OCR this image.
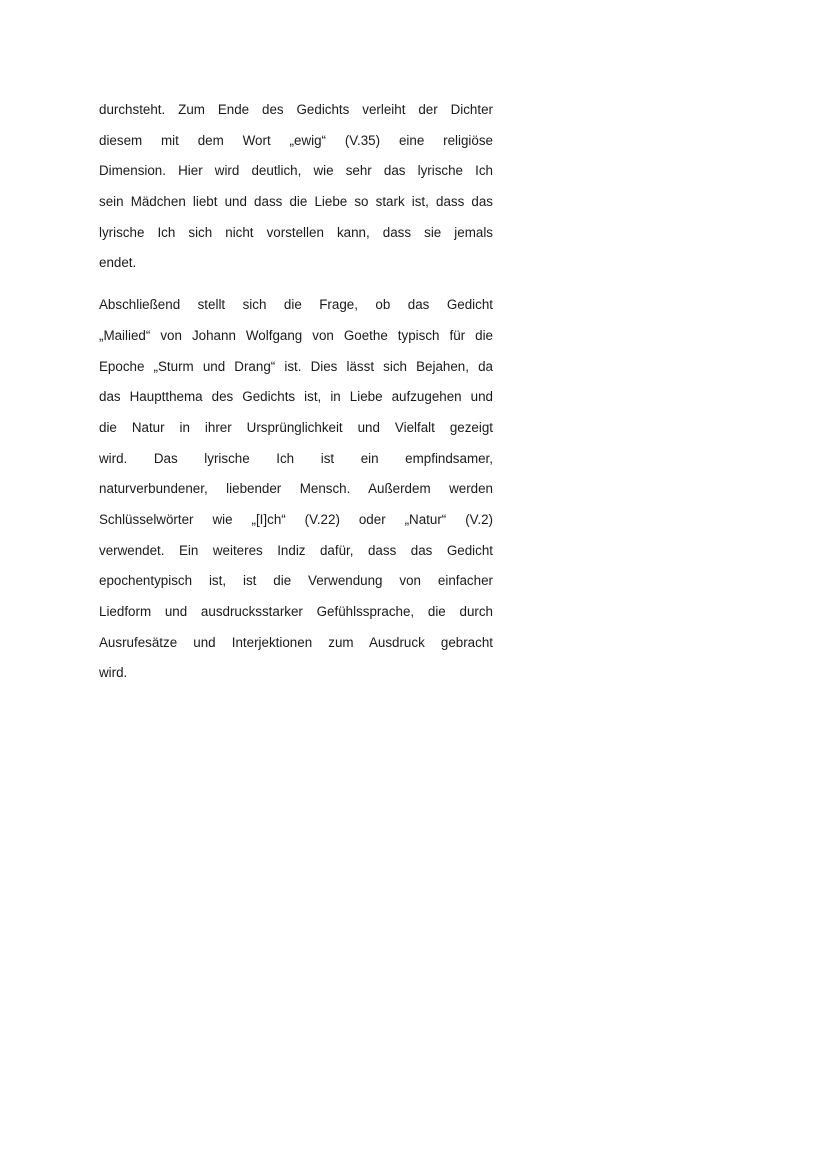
durchsteht. Zum Ende des Gedichts verleiht der Dichter
diesem mit dem Wort „ewig“ (V.35) eine religiöse
Dimension. Hier wird deutlich, wie sehr das lyrische Ich
sein Mädchen liebt und dass die Liebe so stark ist, dass das
lyrische Ich sich nicht vorstellen kann, dass sie jemals
endet.
Abschließend stellt sich die Frage, ob das Gedicht
„Mailied“ von Johann Wolfgang von Goethe typisch für die
Epoche „Sturm und Drang“ ist. Dies lässt sich Bejahen, da
das Hauptthema des Gedichts ist, in Liebe aufzugehen und
die Natur in ihrer Ursprünglichkeit und Vielfalt gezeigt
wird. Das lyrische Ich ist ein empfindsamer,
naturverbundener, liebender Mensch. Außerdem werden
Schlüsselwörter wie „[I]ch“ (V.22) oder „Natur“ (V.2)
verwendet. Ein weiteres Indiz dafür, dass das Gedicht
epochentypisch ist, ist die Verwendung von einfacher
Liedform und ausdrucksstarker Gefühlssprache, die durch
Ausrufesätze und Interjektionen zum Ausdruck gebracht
wird.
